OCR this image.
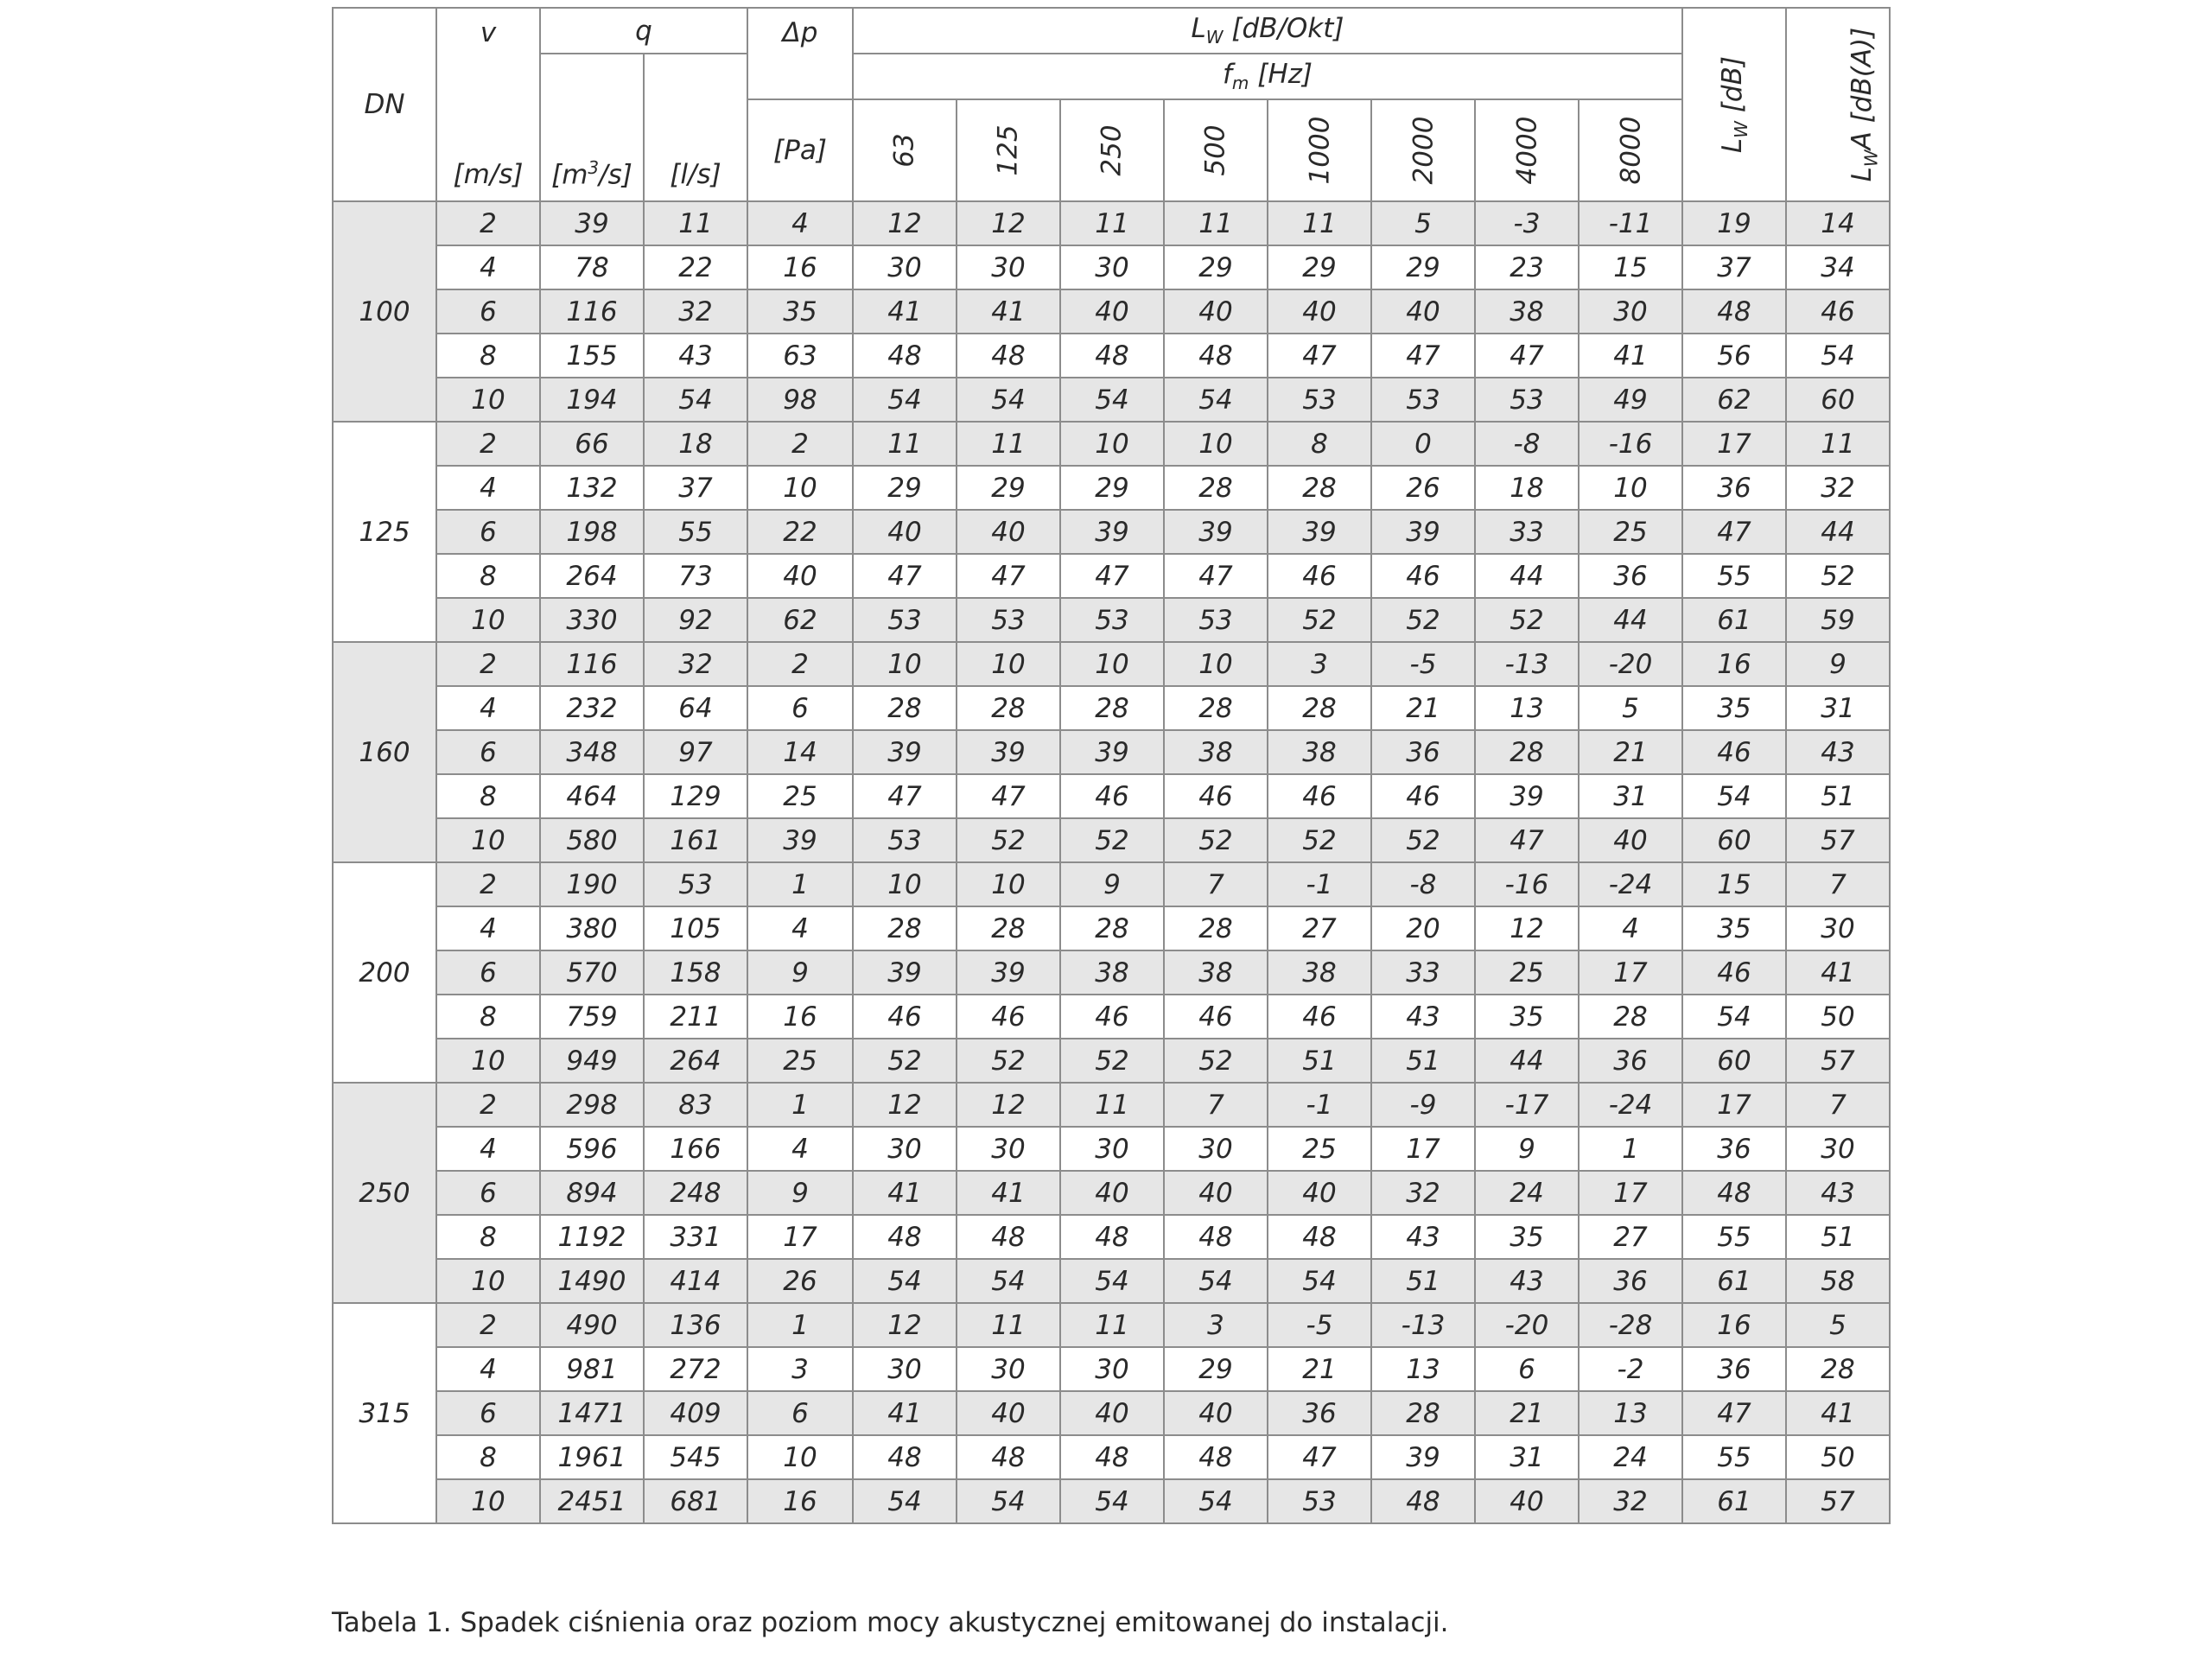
DN	v
[m/s]	q		Δp	$L_W$ [dB/Okt]								$L_W$ [dB]	$L_WA$ [dB(A)]
		$[m^3/s]$	[l/s]		$f_m$ [Hz]									
				[Pa]	63	125	250	500	1000	2000	4000	8000		
100	2	39	11	4	12	12	11	11	11	5	-3	-11	19	14
	4	78	22	16	30	30	30	29	29	29	23	15	37	34
	6	116	32	35	41	41	40	40	40	40	38	30	48	46
	8	155	43	63	48	48	48	48	47	47	47	41	56	54
	10	194	54	98	54	54	54	54	53	53	53	49	62	60
125	2	66	18	2	11	11	10	10	8	0	-8	-16	17	11
	4	132	37	10	29	29	29	28	28	26	18	10	36	32
	6	198	55	22	40	40	39	39	39	39	33	25	47	44
	8	264	73	40	47	47	47	47	46	46	44	36	55	52
	10	330	92	62	53	53	53	53	52	52	52	44	61	59
160	2	116	32	2	10	10	10	10	3	-5	-13	-20	16	9
	4	232	64	6	28	28	28	28	28	21	13	5	35	31
	6	348	97	14	39	39	39	38	38	36	28	21	46	43
	8	464	129	25	47	47	46	46	46	46	39	31	54	51
	10	580	161	39	53	52	52	52	52	52	47	40	60	57
200	2	190	53	1	10	10	9	7	-1	-8	-16	-24	15	7
	4	380	105	4	28	28	28	28	27	20	12	4	35	30
	6	570	158	9	39	39	38	38	38	33	25	17	46	41
	8	759	211	16	46	46	46	46	46	43	35	28	54	50
	10	949	264	25	52	52	52	52	51	51	44	36	60	57
250	2	298	83	1	12	12	11	7	-1	-9	-17	-24	17	7
	4	596	166	4	30	30	30	30	25	17	9	1	36	30
	6	894	248	9	41	41	40	40	40	32	24	17	48	43
	8	1192	331	17	48	48	48	48	48	43	35	27	55	51
	10	1490	414	26	54	54	54	54	54	51	43	36	61	58
315	2	490	136	1	12	11	11	3	-5	-13	-20	-28	16	5
	4	981	272	3	30	30	30	29	21	13	6	-2	36	28
	6	1471	409	6	41	40	40	40	36	28	21	13	47	41
	8	1961	545	10	48	48	48	48	47	39	31	24	55	50
	10	2451	681	16	54	54	54	54	53	48	40	32	61	57
Tabela 1. Spadek ciśnienia oraz poziom mocy akustycznej emitowanej do instalacji.
